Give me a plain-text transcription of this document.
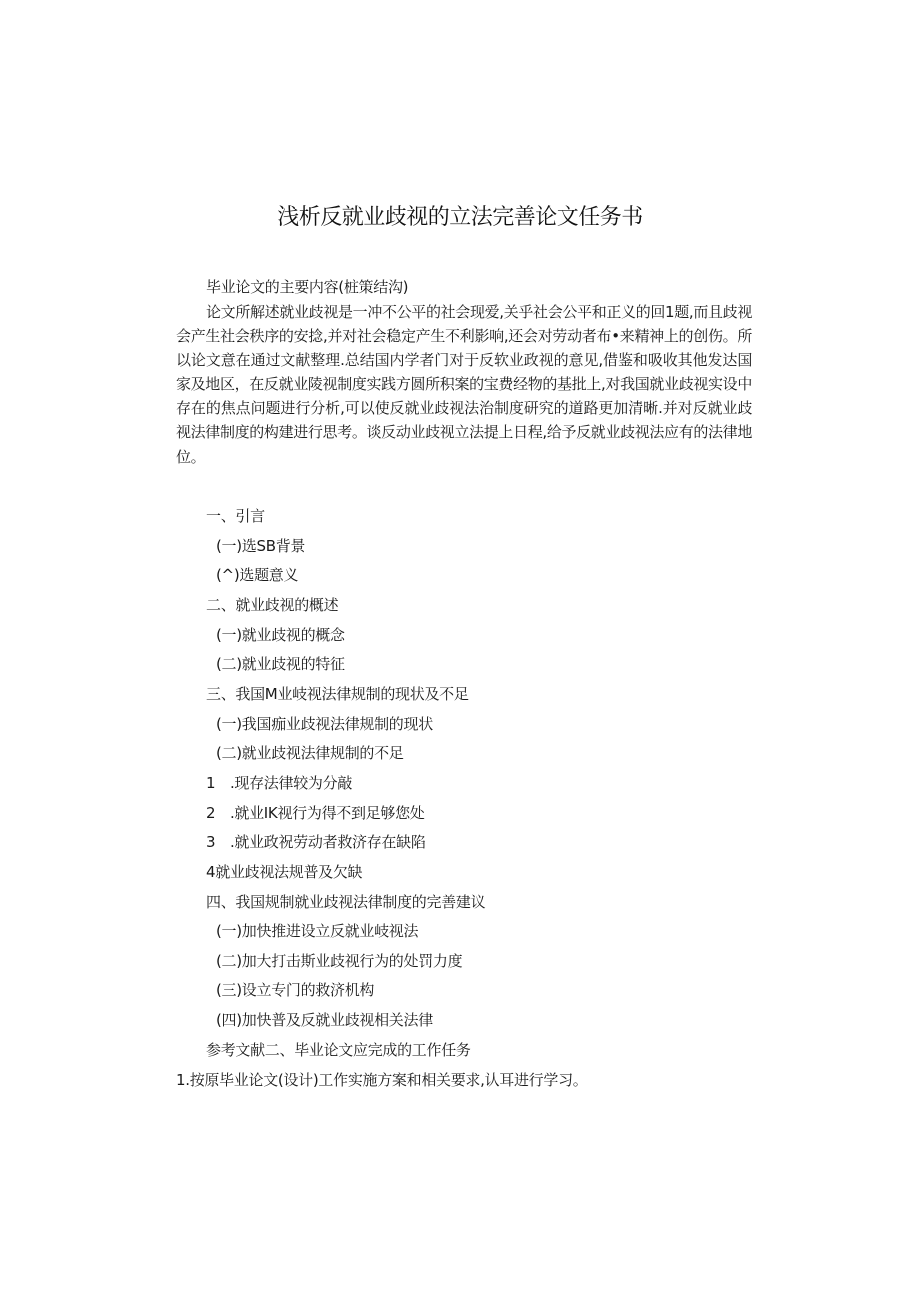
浅析反就业歧视的立法完善论文任务书
毕业论文的主要内容(桩策结沟)
论文所解述就业歧视是一冲不公平的社会现爱,关乎社会公平和正义的回1题,而且歧视会产生社会秩序的安捻,并对社会稳定产生不利影响,还会对劳动者布•来精神上的创伤。所以论文意在通过文献整理.总结国内学者门对于反软业政视的意见,借鉴和吸收其他发达国家及地区，在反就业陵视制度实践方圆所积案的宝费经物的基批上,对我国就业歧视实设中存在的焦点问题进行分析,可以使反就业歧视法治制度研究的道路更加清晰.并对反就业歧视法律制度的构建进行思考。谈反动业歧视立法提上日程,给予反就业歧视法应有的法律地位。
一、引言
(一)选SB背景
(^)选题意义
二、就业歧视的概述
(一)就业歧视的概念
(二)就业歧视的特征
三、我国M业岐视法律规制的现状及不足
(一)我国痂业歧视法律规制的现状
(二)就业歧视法律规制的不足
1　.现存法律较为分敲
2　.就业IK视行为得不到足够您处
3　.就业政祝劳动者救济存在缺陷
4就业歧视法规普及欠缺
四、我国规制就业歧视法律制度的完善建议
(一)加快推进设立反就业岐视法
(二)加大打击斯业歧视行为的处罚力度
(三)设立专门的救济机构
(四)加快普及反就业歧视相关法律
参考文献二、毕业论文应完成的工作任务
1.按原毕业论文(设计)工作实施方案和相关要求,认耳进行学习。
